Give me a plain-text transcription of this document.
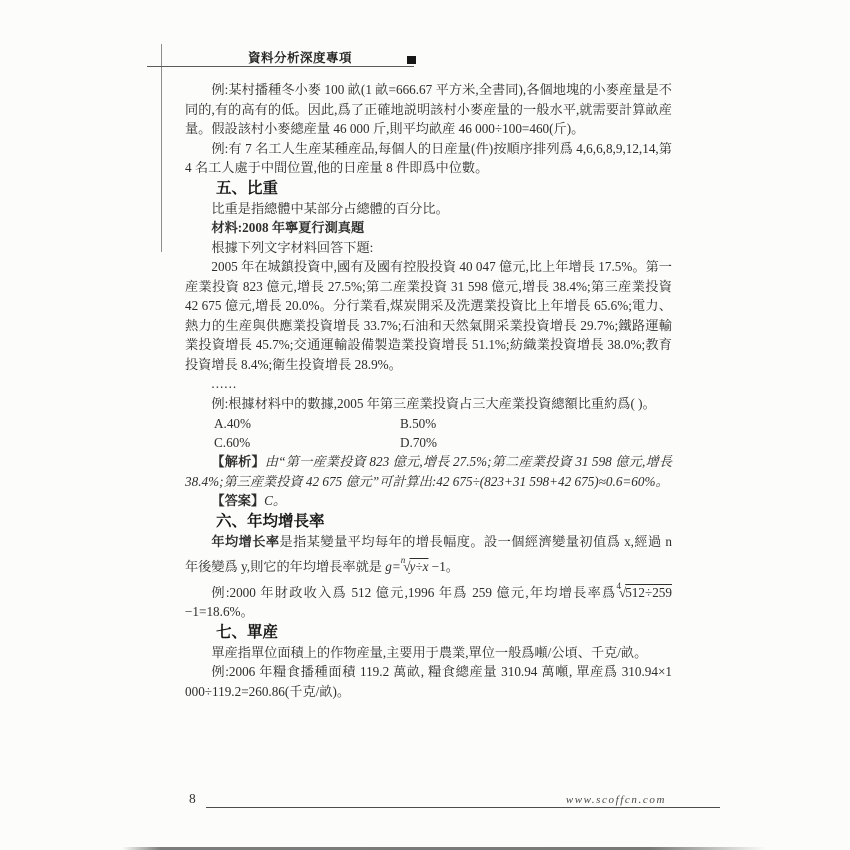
資料分析深度專項

例:某村播種冬小麥 100 畝(1 畝=666.67 平方米,全書同),各個地塊的小麥産量是不同的,有的高有的低。因此,爲了正確地説明該村小麥産量的一般水平,就需要計算畝産量。假設該村小麥總産量 46 000 斤,則平均畝産 46 000÷100=460(斤)。

例:有 7 名工人生産某種産品,每個人的日産量(件)按順序排列爲 4,6,6,8,9,12,14,第 4 名工人處于中間位置,他的日産量 8 件即爲中位數。

五、比重

比重是指總體中某部分占總體的百分比。

材料:2008 年寧夏行測真題

根據下列文字材料回答下題:

2005 年在城鎮投資中,國有及國有控股投資 40 047 億元,比上年增長 17.5%。第一産業投資 823 億元,增長 27.5%;第二産業投資 31 598 億元,增長 38.4%;第三産業投資 42 675 億元,增長 20.0%。分行業看,煤炭開采及洗選業投資比上年增長 65.6%;電力、熱力的生産與供應業投資增長 33.7%;石油和天然氣開采業投資增長 29.7%;鐵路運輸業投資增長 45.7%;交通運輸設備製造業投資增長 51.1%;紡織業投資增長 38.0%;教育投資增長 8.4%;衛生投資增長 28.9%。

......

例:根據材料中的數據,2005 年第三産業投資占三大産業投資總額比重約爲( )。

A.40%	B.50%
C.60%	D.70%

【解析】由“第一産業投資 823 億元,增長 27.5%;第二産業投資 31 598 億元,增長 38.4%;第三産業投資 42 675 億元”可計算出:42 675÷(823+31 598+42 675)≈0.6=60%。

【答案】C。

六、年均增長率

年均增长率是指某變量平均每年的增長幅度。設一個經濟變量初值爲 x,經過 n 年後變爲 y,則它的年均增長率就是 g=$^n$√y÷x −1。

例:2000 年財政收入爲 512 億元,1996 年爲 259 億元,年均增長率爲$^4$√512÷259 −1=18.6%。

七、單産

單産指單位面積上的作物産量,主要用于農業,單位一般爲噸/公頃、千克/畝。

例:2006 年糧食播種面積 119.2 萬畝, 糧食總産量 310.94 萬噸, 單産爲 310.94×1 000÷119.2=260.86(千克/畝)。

8	www.scoffcn.com
